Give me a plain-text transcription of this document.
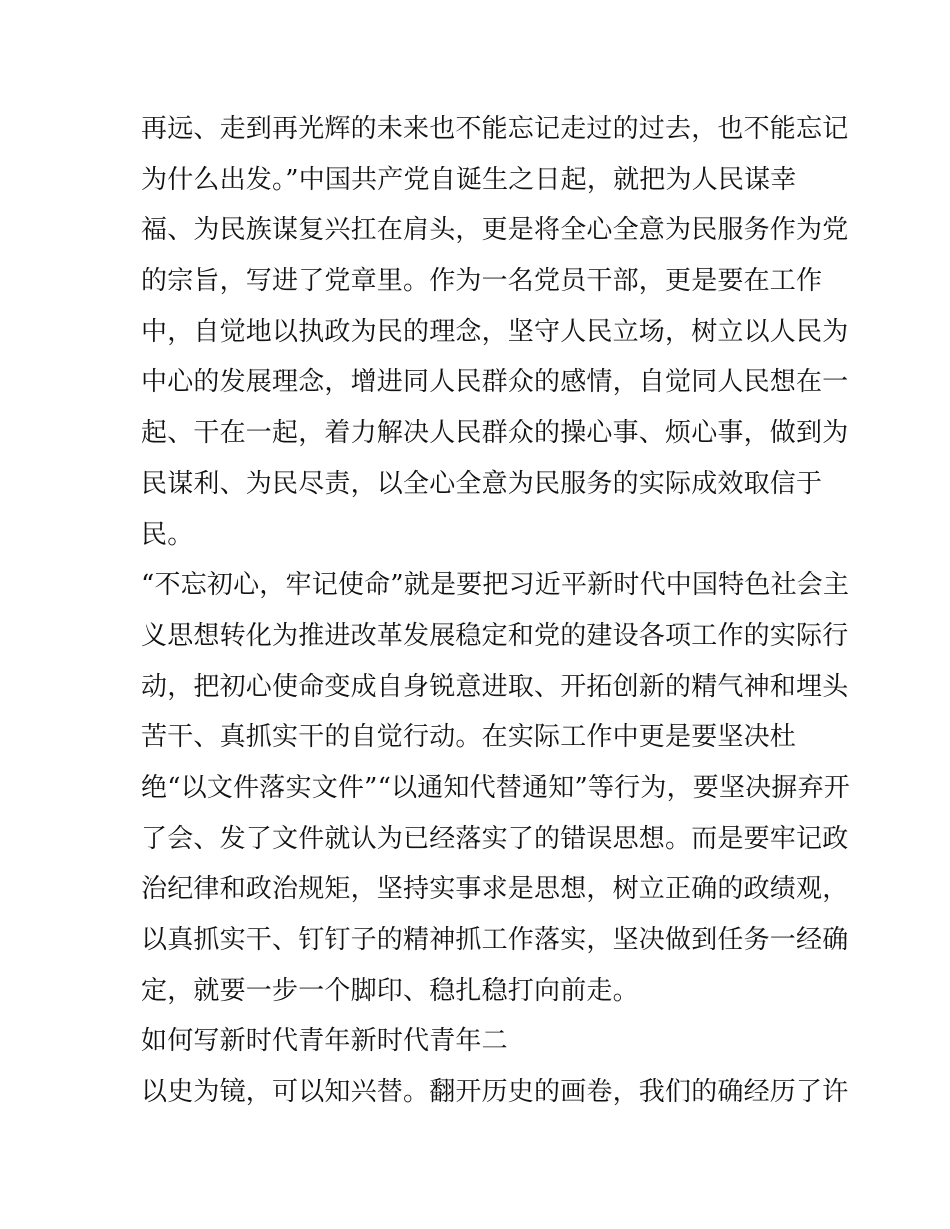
再远、走到再光辉的未来也不能忘记走过的过去，也不能忘记
为什么出发。”中国共产党自诞生之日起，就把为人民谋幸
福、为民族谋复兴扛在肩头，更是将全心全意为民服务作为党
的宗旨，写进了党章里。作为一名党员干部，更是要在工作
中，自觉地以执政为民的理念，坚守人民立场，树立以人民为
中心的发展理念，增进同人民群众的感情，自觉同人民想在一
起、干在一起，着力解决人民群众的操心事、烦心事，做到为
民谋利、为民尽责，以全心全意为民服务的实际成效取信于
民。
“不忘初心，牢记使命”就是要把习近平新时代中国特色社会主
义思想转化为推进改革发展稳定和党的建设各项工作的实际行
动，把初心使命变成自身锐意进取、开拓创新的精气神和埋头
苦干、真抓实干的自觉行动。在实际工作中更是要坚决杜
绝“以文件落实文件”“以通知代替通知”等行为，要坚决摒弃开
了会、发了文件就认为已经落实了的错误思想。而是要牢记政
治纪律和政治规矩，坚持实事求是思想，树立正确的政绩观，
以真抓实干、钉钉子的精神抓工作落实，坚决做到任务一经确
定，就要一步一个脚印、稳扎稳打向前走。
如何写新时代青年新时代青年二
以史为镜，可以知兴替。翻开历史的画卷，我们的确经历了许
